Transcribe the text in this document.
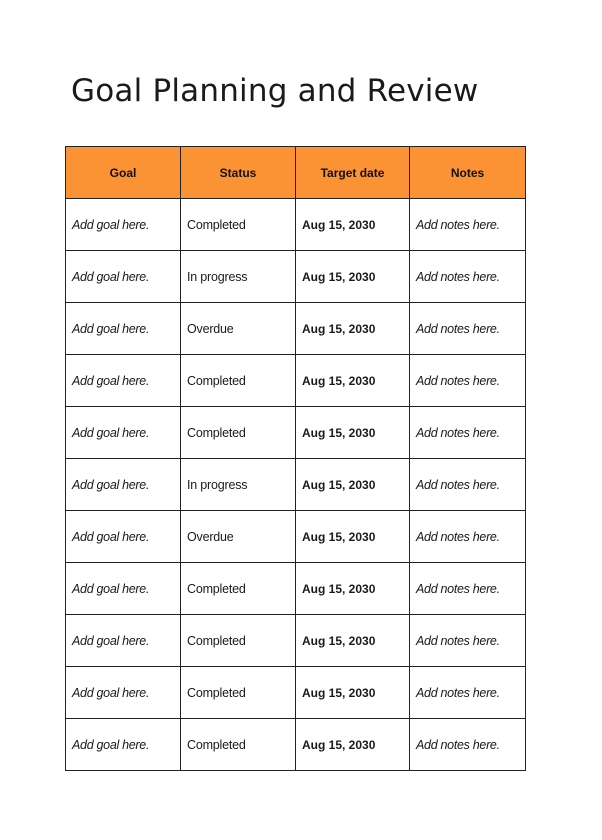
Goal Planning and Review
Goal	Status	Target date	Notes
Add goal here.	Completed	Aug 15, 2030	Add notes here.
Add goal here.	In progress	Aug 15, 2030	Add notes here.
Add goal here.	Overdue	Aug 15, 2030	Add notes here.
Add goal here.	Completed	Aug 15, 2030	Add notes here.
Add goal here.	Completed	Aug 15, 2030	Add notes here.
Add goal here.	In progress	Aug 15, 2030	Add notes here.
Add goal here.	Overdue	Aug 15, 2030	Add notes here.
Add goal here.	Completed	Aug 15, 2030	Add notes here.
Add goal here.	Completed	Aug 15, 2030	Add notes here.
Add goal here.	Completed	Aug 15, 2030	Add notes here.
Add goal here.	Completed	Aug 15, 2030	Add notes here.
